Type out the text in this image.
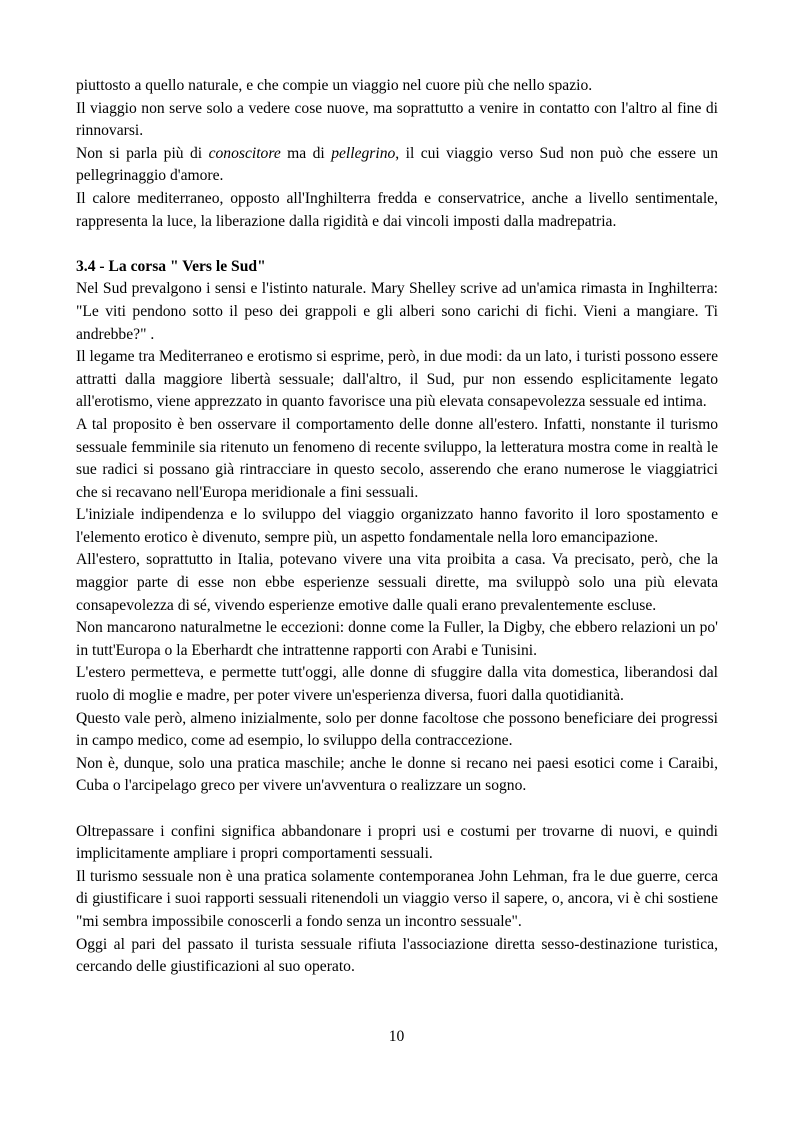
piuttosto a quello naturale, e che compie un viaggio nel cuore più che nello spazio.

Il viaggio non serve solo a vedere cose nuove, ma soprattutto a venire in contatto con l'altro al fine di rinnovarsi.

Non si parla più di conoscitore ma di pellegrino, il cui viaggio verso Sud non può che essere un pellegrinaggio d'amore.

Il calore mediterraneo, opposto all'Inghilterra fredda e conservatrice, anche a livello sentimentale, rappresenta la luce, la liberazione dalla rigidità e dai vincoli imposti dalla madrepatria.

3.4 - La corsa " Vers le Sud"

Nel Sud prevalgono i sensi e l'istinto naturale. Mary Shelley scrive ad un'amica rimasta in Inghilterra: "Le viti pendono sotto il peso dei grappoli e gli alberi sono carichi di fichi. Vieni a mangiare. Ti andrebbe?" .

Il legame tra Mediterraneo e erotismo si esprime, però, in due modi: da un lato, i turisti possono essere attratti dalla maggiore libertà sessuale; dall'altro, il Sud, pur non essendo esplicitamente legato all'erotismo, viene apprezzato in quanto favorisce una più elevata consapevolezza sessuale ed intima.

A tal proposito è ben osservare il comportamento delle donne all'estero. Infatti, nonstante il turismo sessuale femminile sia ritenuto un fenomeno di recente sviluppo, la letteratura mostra come in realtà le sue radici si possano già rintracciare in questo secolo, asserendo che erano numerose le viaggiatrici che si recavano nell'Europa meridionale a fini sessuali.

L'iniziale indipendenza e lo sviluppo del viaggio organizzato hanno favorito il loro spostamento e l'elemento erotico è divenuto, sempre più, un aspetto fondamentale nella loro emancipazione.

All'estero, soprattutto in Italia, potevano vivere una vita proibita a casa. Va precisato, però, che la maggior parte di esse non ebbe esperienze sessuali dirette, ma sviluppò solo una più elevata consapevolezza di sé, vivendo esperienze emotive dalle quali erano prevalentemente escluse.

Non mancarono naturalmetne le eccezioni: donne come la Fuller, la Digby, che ebbero relazioni un po' in tutt'Europa o la Eberhardt che intrattenne rapporti con Arabi e Tunisini.

L'estero permetteva, e permette tutt'oggi, alle donne di sfuggire dalla vita domestica, liberandosi dal ruolo di moglie e madre, per poter vivere un'esperienza diversa, fuori dalla quotidianità.

Questo vale però, almeno inizialmente, solo per donne facoltose che possono beneficiare dei progressi in campo medico, come ad esempio, lo sviluppo della contraccezione.

Non è, dunque, solo una pratica maschile; anche le donne si recano nei paesi esotici come i Caraibi, Cuba o l'arcipelago greco per vivere un'avventura o realizzare un sogno.

Oltrepassare i confini significa abbandonare i propri usi e costumi per trovarne di nuovi, e quindi implicitamente ampliare i propri comportamenti sessuali.

Il turismo sessuale non è una pratica solamente contemporanea John Lehman, fra le due guerre, cerca di giustificare i suoi rapporti sessuali ritenendoli un viaggio verso il sapere, o, ancora, vi è chi sostiene "mi sembra impossibile conoscerli a fondo senza un incontro sessuale".

Oggi al pari del passato il turista sessuale rifiuta l'associazione diretta sesso-destinazione turistica, cercando delle giustificazioni al suo operato.

10
